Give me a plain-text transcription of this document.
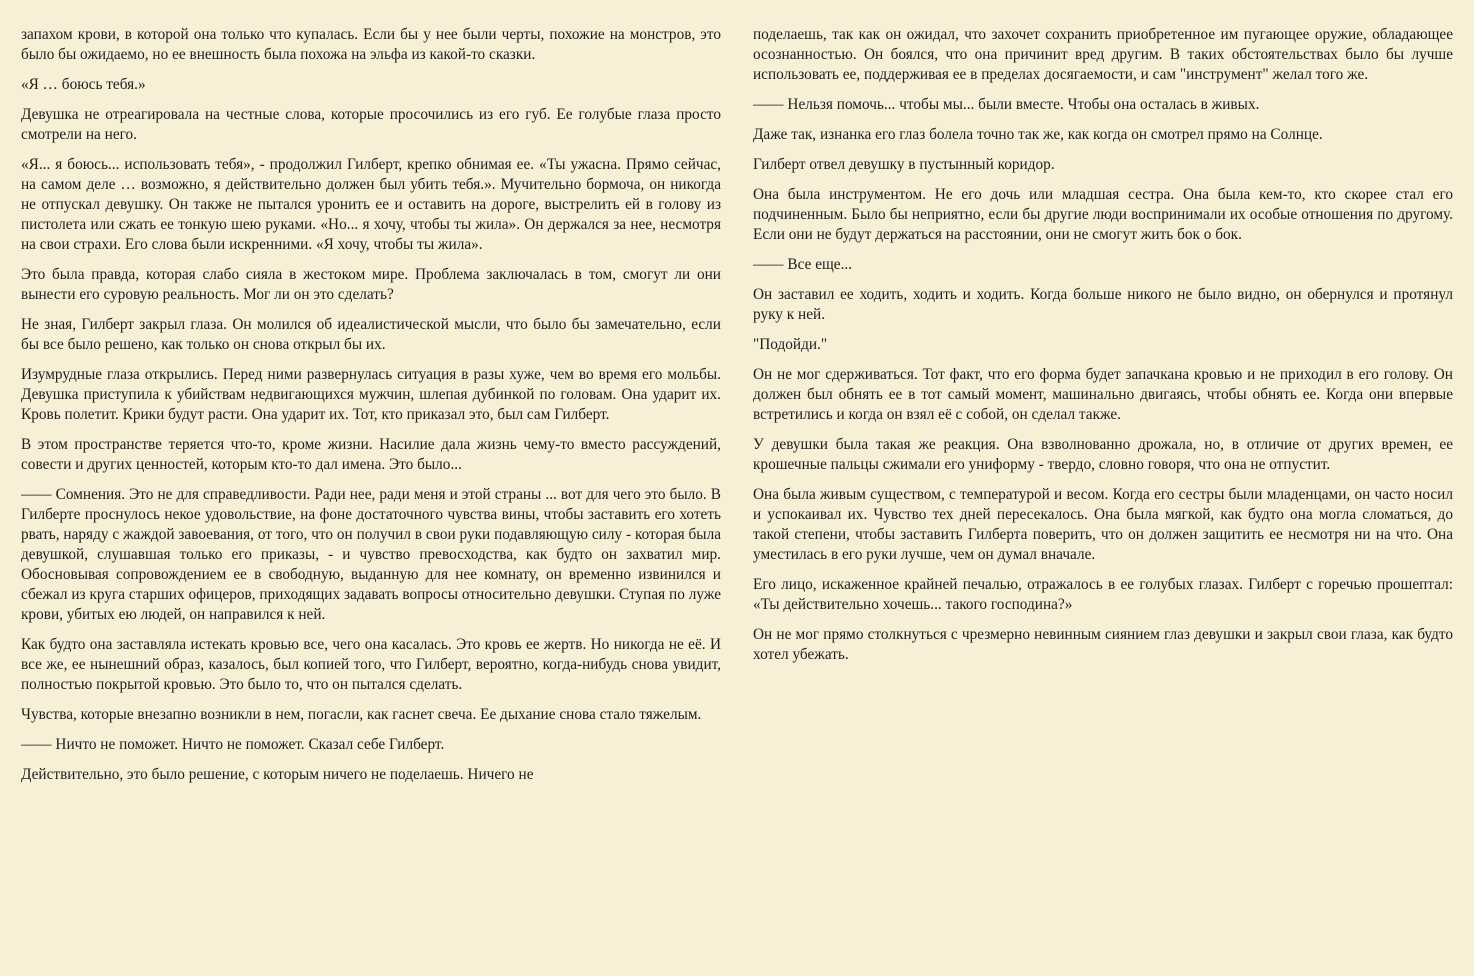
запахом крови, в которой она только что купалась. Если бы у нее были черты, похожие на монстров, это было бы ожидаемо, но ее внешность была похожа на эльфа из какой-то сказки.

«Я … боюсь тебя.»

Девушка не отреагировала на честные слова, которые просочились из его губ. Ее голубые глаза просто смотрели на него.

«Я... я боюсь... использовать тебя», - продолжил Гилберт, крепко обнимая ее. «Ты ужасна. Прямо сейчас, на самом деле … возможно, я действительно должен был убить тебя.». Мучительно бормоча, он никогда не отпускал девушку. Он также не пытался уронить ее и оставить на дороге, выстрелить ей в голову из пистолета или сжать ее тонкую шею руками. «Но... я хочу, чтобы ты жила». Он держался за нее, несмотря на свои страхи. Его слова были искренними. «Я хочу, чтобы ты жила».

Это была правда, которая слабо сияла в жестоком мире. Проблема заключалась в том, смогут ли они вынести его суровую реальность. Мог ли он это сделать?

Не зная, Гилберт закрыл глаза. Он молился об идеалистической мысли, что было бы замечательно, если бы все было решено, как только он снова открыл бы их.

Изумрудные глаза открылись. Перед ними развернулась ситуация в разы хуже, чем во время его мольбы. Девушка приступила к убийствам недвигающихся мужчин, шлепая дубинкой по головам. Она ударит их. Кровь полетит. Крики будут расти. Она ударит их. Тот, кто приказал это, был сам Гилберт.

В этом пространстве теряется что-то, кроме жизни. Насилие дала жизнь чему-то вместо рассуждений, совести и других ценностей, которым кто-то дал имена. Это было...

—— Сомнения. Это не для справедливости. Ради нее, ради меня и этой страны ... вот для чего это было. В Гилберте проснулось некое удовольствие, на фоне достаточного чувства вины, чтобы заставить его хотеть рвать, наряду с жаждой завоевания, от того, что он получил в свои руки подавляющую силу - которая была девушкой, слушавшая только его приказы, - и чувство превосходства, как будто он захватил мир. Обосновывая сопровождением ее в свободную, выданную для нее комнату, он временно извинился и сбежал из круга старших офицеров, приходящих задавать вопросы относительно девушки. Ступая по луже крови, убитых ею людей, он направился к ней.

Как будто она заставляла истекать кровью все, чего она касалась. Это кровь ее жертв. Но никогда не её. И все же, ее нынешний образ, казалось, был копией того, что Гилберт, вероятно, когда-нибудь снова увидит, полностью покрытой кровью. Это было то, что он пытался сделать.

Чувства, которые внезапно возникли в нем, погасли, как гаснет свеча. Ее дыхание снова стало тяжелым.

—— Ничто не поможет. Ничто не поможет. Сказал себе Гилберт.

Действительно, это было решение, с которым ничего не поделаешь. Ничего не

поделаешь, так как он ожидал, что захочет сохранить приобретенное им пугающее оружие, обладающее осознанностью. Он боялся, что она причинит вред другим. В таких обстоятельствах было бы лучше использовать ее, поддерживая ее в пределах досягаемости, и сам "инструмент" желал того же.

—— Нельзя помочь... чтобы мы... были вместе. Чтобы она осталась в живых.

Даже так, изнанка его глаз болела точно так же, как когда он смотрел прямо на Солнце.

Гилберт отвел девушку в пустынный коридор.

Она была инструментом. Не его дочь или младшая сестра. Она была кем-то, кто скорее стал его подчиненным. Было бы неприятно, если бы другие люди воспринимали их особые отношения по другому. Если они не будут держаться на расстоянии, они не смогут жить бок о бок.

—— Все еще...

Он заставил ее ходить, ходить и ходить. Когда больше никого не было видно, он обернулся и протянул руку к ней.

"Подойди."

Он не мог сдерживаться. Тот факт, что его форма будет запачкана кровью и не приходил в его голову. Он должен был обнять ее в тот самый момент, машинально двигаясь, чтобы обнять ее. Когда они впервые встретились и когда он взял её с собой, он сделал также.

У девушки была такая же реакция. Она взволнованно дрожала, но, в отличие от других времен, ее крошечные пальцы сжимали его униформу - твердо, словно говоря, что она не отпустит.

Она была живым существом, с температурой и весом. Когда его сестры были младенцами, он часто носил и успокаивал их. Чувство тех дней пересекалось. Она была мягкой, как будто она могла сломаться, до такой степени, чтобы заставить Гилберта поверить, что он должен защитить ее несмотря ни на что. Она уместилась в его руки лучше, чем он думал вначале.

Его лицо, искаженное крайней печалью, отражалось в ее голубых глазах. Гилберт с горечью прошептал: «Ты действительно хочешь... такого господина?»

Он не мог прямо столкнуться с чрезмерно невинным сиянием глаз девушки и закрыл свои глаза, как будто хотел убежать.
